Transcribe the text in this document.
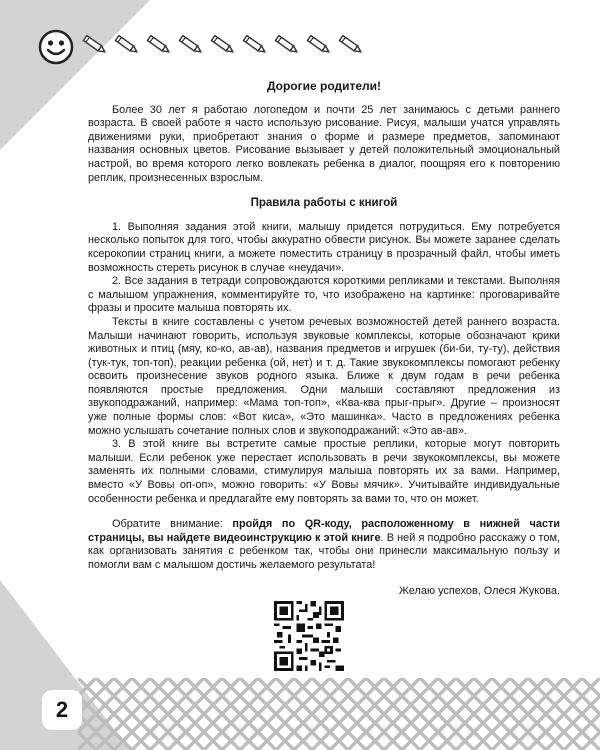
Дорогие родители!

Более 30 лет я работаю логопедом и почти 25 лет занимаюсь с детьми раннего возраста. В своей работе я часто использую рисование. Рисуя, малыши учатся управлять движениями руки, приобретают знания о форме и размере предметов, запоминают названия основных цветов. Рисование вызывает у детей положительный эмоциональный настрой, во время которого легко вовлекать ребенка в диалог, поощряя его к повторению реплик, произнесенных взрослым.

Правила работы с книгой

1. Выполняя задания этой книги, малышу придется потрудиться. Ему потребуется несколько попыток для того, чтобы аккуратно обвести рисунок. Вы можете заранее сделать ксерокопии страниц книги, а можете поместить страницу в прозрачный файл, чтобы иметь возможность стереть рисунок в случае «неудачи».

2. Все задания в тетради сопровождаются короткими репликами и текстами. Выполняя с малышом упражнения, комментируйте то, что изображено на картинке: проговаривайте фразы и просите малыша повторять их.

Тексты в книге составлены с учетом речевых возможностей детей раннего возраста. Малыши начинают говорить, используя звуковые комплексы, которые обозначают крики животных и птиц (мяу, ко-ко, ав-ав), названия предметов и игрушек (би-би, ту-ту), действия (тук-тук, топ-топ), реакции ребенка (ой, нет) и т. д. Такие звукокомплексы помогают ребенку освоить произнесение звуков родного языка. Ближе к двум годам в речи ребенка появляются простые предложения. Одни малыши составляют предложения из звукоподражаний, например: «Мама топ-топ», «Ква-ква прыг-прыг». Другие – произносят уже полные формы слов: «Вот киса», «Это машинка». Часто в предложениях ребенка можно услышать сочетание полных слов и звукоподражаний: «Это ав-ав».

3. В этой книге вы встретите самые простые реплики, которые могут повторить малыши. Если ребенок уже перестает использовать в речи звукокомплексы, вы можете заменять их полными словами, стимулируя малыша повторять их за вами. Например, вместо «У Вовы оп-оп», можно говорить: «У Вовы мячик». Учитывайте индивидуальные особенности ребенка и предлагайте ему повторять за вами то, что он может.

Обратите внимание: пройдя по QR-коду, расположенному в нижней части страницы, вы найдете видеоинструкцию к этой книге. В ней я подробно расскажу о том, как организовать занятия с ребенком так, чтобы они принесли максимальную пользу и помогли вам с малышом достичь желаемого результата!

Желаю успехов, Олеся Жукова.

2
